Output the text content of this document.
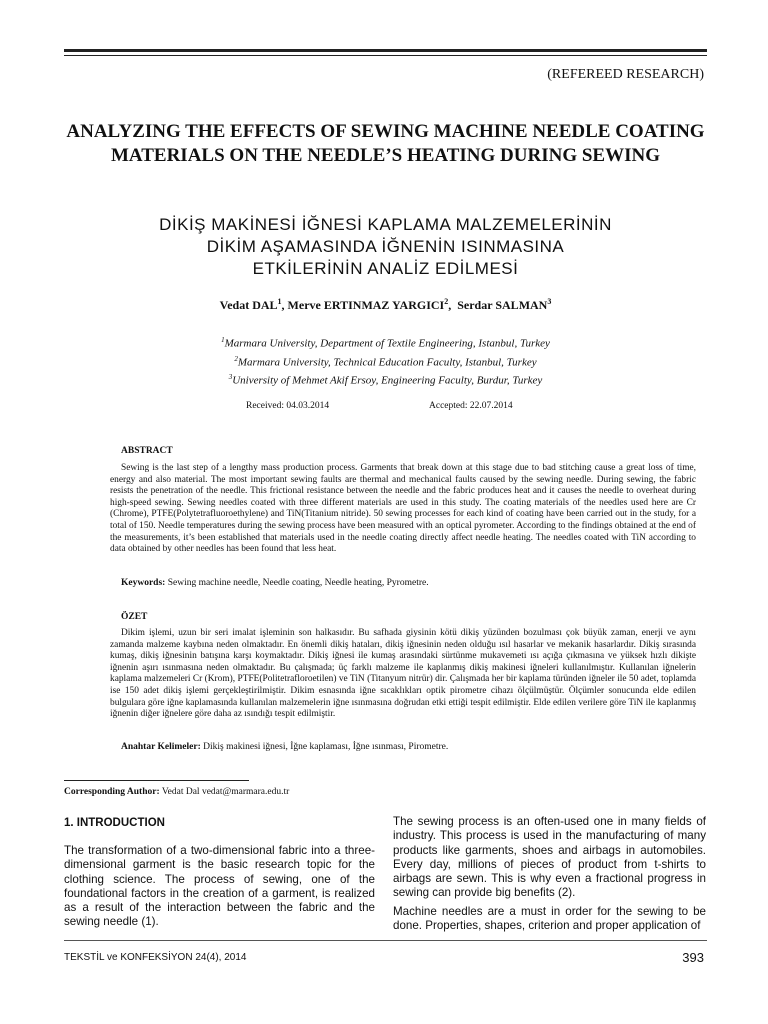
(REFEREED RESEARCH)
ANALYZING THE EFFECTS OF SEWING MACHINE NEEDLE COATING MATERIALS ON THE NEEDLE’S HEATING DURING SEWING
DİKİŞ MAKİNESİ İĞNESİ KAPLAMA MALZEMELERİNİN
DİKİM AŞAMASINDA İĞNENİN ISINMASINA
ETKİLERİNİN ANALİZ EDİLMESİ
Vedat DAL$^1$, Merve ERTINMAZ YARGICI$^2$,  Serdar SALMAN$^3$
$^1$Marmara University, Department of Textile Engineering, Istanbul, Turkey
$^2$Marmara University, Technical Education Faculty, Istanbul, Turkey
$^3$University of Mehmet Akif Ersoy, Engineering Faculty, Burdur, Turkey
Received: 04.03.2014	Accepted: 22.07.2014
ABSTRACT

Sewing is the last step of a lengthy mass production process. Garments that break down at this stage due to bad stitching cause a great loss of time, energy and also material. The most important sewing faults are thermal and mechanical faults caused by the sewing needle. During sewing, the fabric resists the penetration of the needle. This frictional resistance between the needle and the fabric produces heat and it causes the needle to overheat during high-speed sewing. Sewing needles coated with three different materials are used in this study. The coating materials of the needles used here are Cr (Chrome), PTFE(Polytetrafluoroethylene) and TiN(Titanium nitride). 50 sewing processes for each kind of coating have been carried out in the study, for a total of 150. Needle temperatures during the sewing process have been measured with an optical pyrometer. According to the findings obtained at the end of the measurements, it’s been established that materials used in the needle coating directly affect needle heating. The needles coated with TiN according to data obtained by other needles has been found that less heat.

Keywords: Sewing machine needle, Needle coating, Needle heating, Pyrometre.
ÖZET

Dikim işlemi, uzun bir seri imalat işleminin son halkasıdır. Bu safhada giysinin kötü dikiş yüzünden bozulması çok büyük zaman, enerji ve aynı zamanda malzeme kaybına neden olmaktadır. En önemli dikiş hataları, dikiş iğnesinin neden olduğu ısıl hasarlar ve mekanik hasarlardır. Dikiş sırasında kumaş, dikiş iğnesinin batışına karşı koymaktadır. Dikiş iğnesi ile kumaş arasındaki sürtünme mukavemeti ısı açığa çıkmasına ve yüksek hızlı dikişte iğnenin aşırı ısınmasına neden olmaktadır. Bu çalışmada; üç farklı malzeme ile kaplanmış dikiş makinesi iğneleri kullanılmıştır. Kullanılan iğnelerin kaplama malzemeleri Cr (Krom), PTFE(Politetrafloroetilen) ve TiN (Titanyum nitrür) dir. Çalışmada her bir kaplama türünden iğneler ile 50 adet, toplamda ise 150 adet dikiş işlemi gerçekleştirilmiştir. Dikim esnasında iğne sıcaklıkları optik pirometre cihazı ölçülmüştür. Ölçümler sonucunda elde edilen bulgulara göre iğne kaplamasında kullanılan malzemelerin iğne ısınmasına doğrudan etki ettiği tespit edilmiştir. Elde edilen verilere göre TiN ile kaplanmış iğnenin diğer iğnelere göre daha az ısındığı tespit edilmiştir.

Anahtar Kelimeler: Dikiş makinesi iğnesi, İğne kaplaması, İğne ısınması, Pirometre.
Corresponding Author: Vedat Dal vedat@marmara.edu.tr
1. INTRODUCTION

The transformation of a two-dimensional fabric into a three-dimensional garment is the basic research topic for the clothing science. The process of sewing, one of the foundational factors in the creation of a garment, is realized as a result of the interaction between the fabric and the sewing needle (1).

The sewing process is an often-used one in many fields of industry. This process is used in the manufacturing of many products like garments, shoes and airbags in automobiles. Every day, millions of pieces of product from t-shirts to airbags are sewn. This is why even a fractional progress in sewing can provide big benefits (2).

Machine needles are a must in order for the sewing to be done. Properties, shapes, criterion and proper application of

TEKSTİL ve KONFEKSİYON 24(4), 2014	393
